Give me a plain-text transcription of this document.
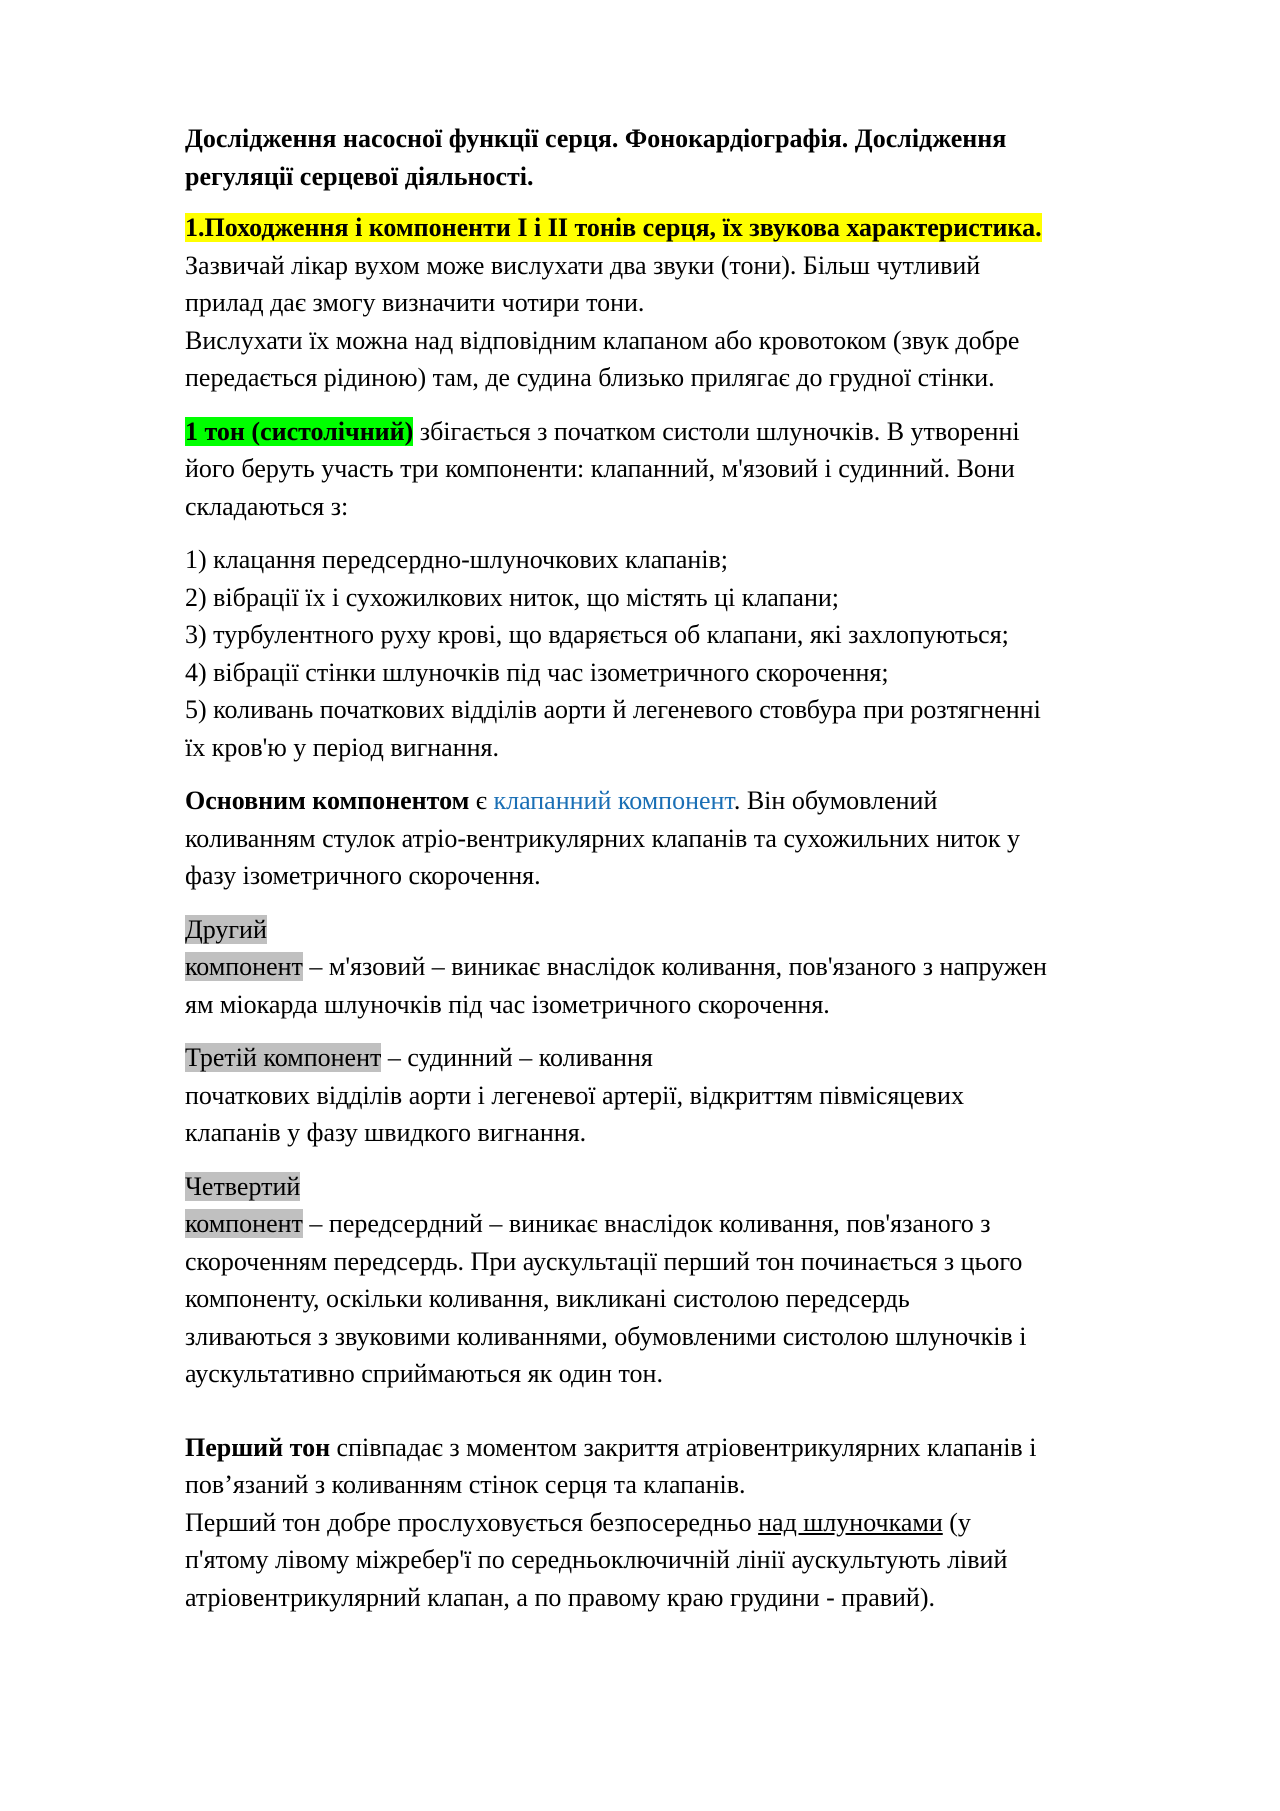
Дослідження насосної функції серця. Фонокардіографія. Дослідження
регуляції серцевої діяльності.

1.Походження і компоненти I і II тонів серця, їх звукова характеристика.
Зазвичай лікар вухом може вислухати два звуки (тони). Більш чутливий
прилад дає змогу визначити чотири тони.
Вислухати їх можна над відповідним клапаном або кровотоком (звук добре
передається рідиною) там, де судина близько прилягає до грудної стінки.

1 тон (систолічний) збігається з початком систоли шлуночків. В утворенні
його беруть участь три компоненти: клапанний, м'язовий і судинний. Вони
складаються з:

1) клацання передсердно-шлуночкових клапанів;
2) вібрації їх і сухожилкових ниток, що містять ці клапани;
3) турбулентного руху крові, що вдаряється об клапани, які захлопуються;
4) вібрації стінки шлуночків під час ізометричного скорочення;
5) коливань початкових відділів аорти й легеневого стовбура при розтягненні
їх кров'ю у період вигнання.

Основним компонентом є клапанний компонент. Він обумовлений
коливанням стулок атріо-вентрикулярних клапанів та сухожильних ниток у
фазу ізометричного скорочення.

Другий
компонент – м'язовий – виникає внаслідок коливання, пов'язаного з напружен
ям міокарда шлуночків під час ізометричного скорочення.

Третій компонент – судинний – коливання
початкових відділів аорти і легеневої артерії, відкриттям півмісяцевих
клапанів у фазу швидкого вигнання.

Четвертий
компонент – передсердний – виникає внаслідок коливання, пов'язаного з
скороченням передсердь. При аускультації перший тон починається з цього
компоненту, оскільки коливання, викликані систолою передсердь
зливаються з звуковими коливаннями, обумовленими систолою шлуночків і
аускультативно сприймаються як один тон.

Перший тон співпадає з моментом закриття атріовентрикулярних клапанів і
пов’язаний з коливанням стінок серця та клапанів.
Перший тон добре прослуховується безпосередньо над шлуночками (у
п'ятому лівому міжребер'ї по середньоключичній лінії аускультують лівий
атріовентрикулярний клапан, а по правому краю грудини - правий).
